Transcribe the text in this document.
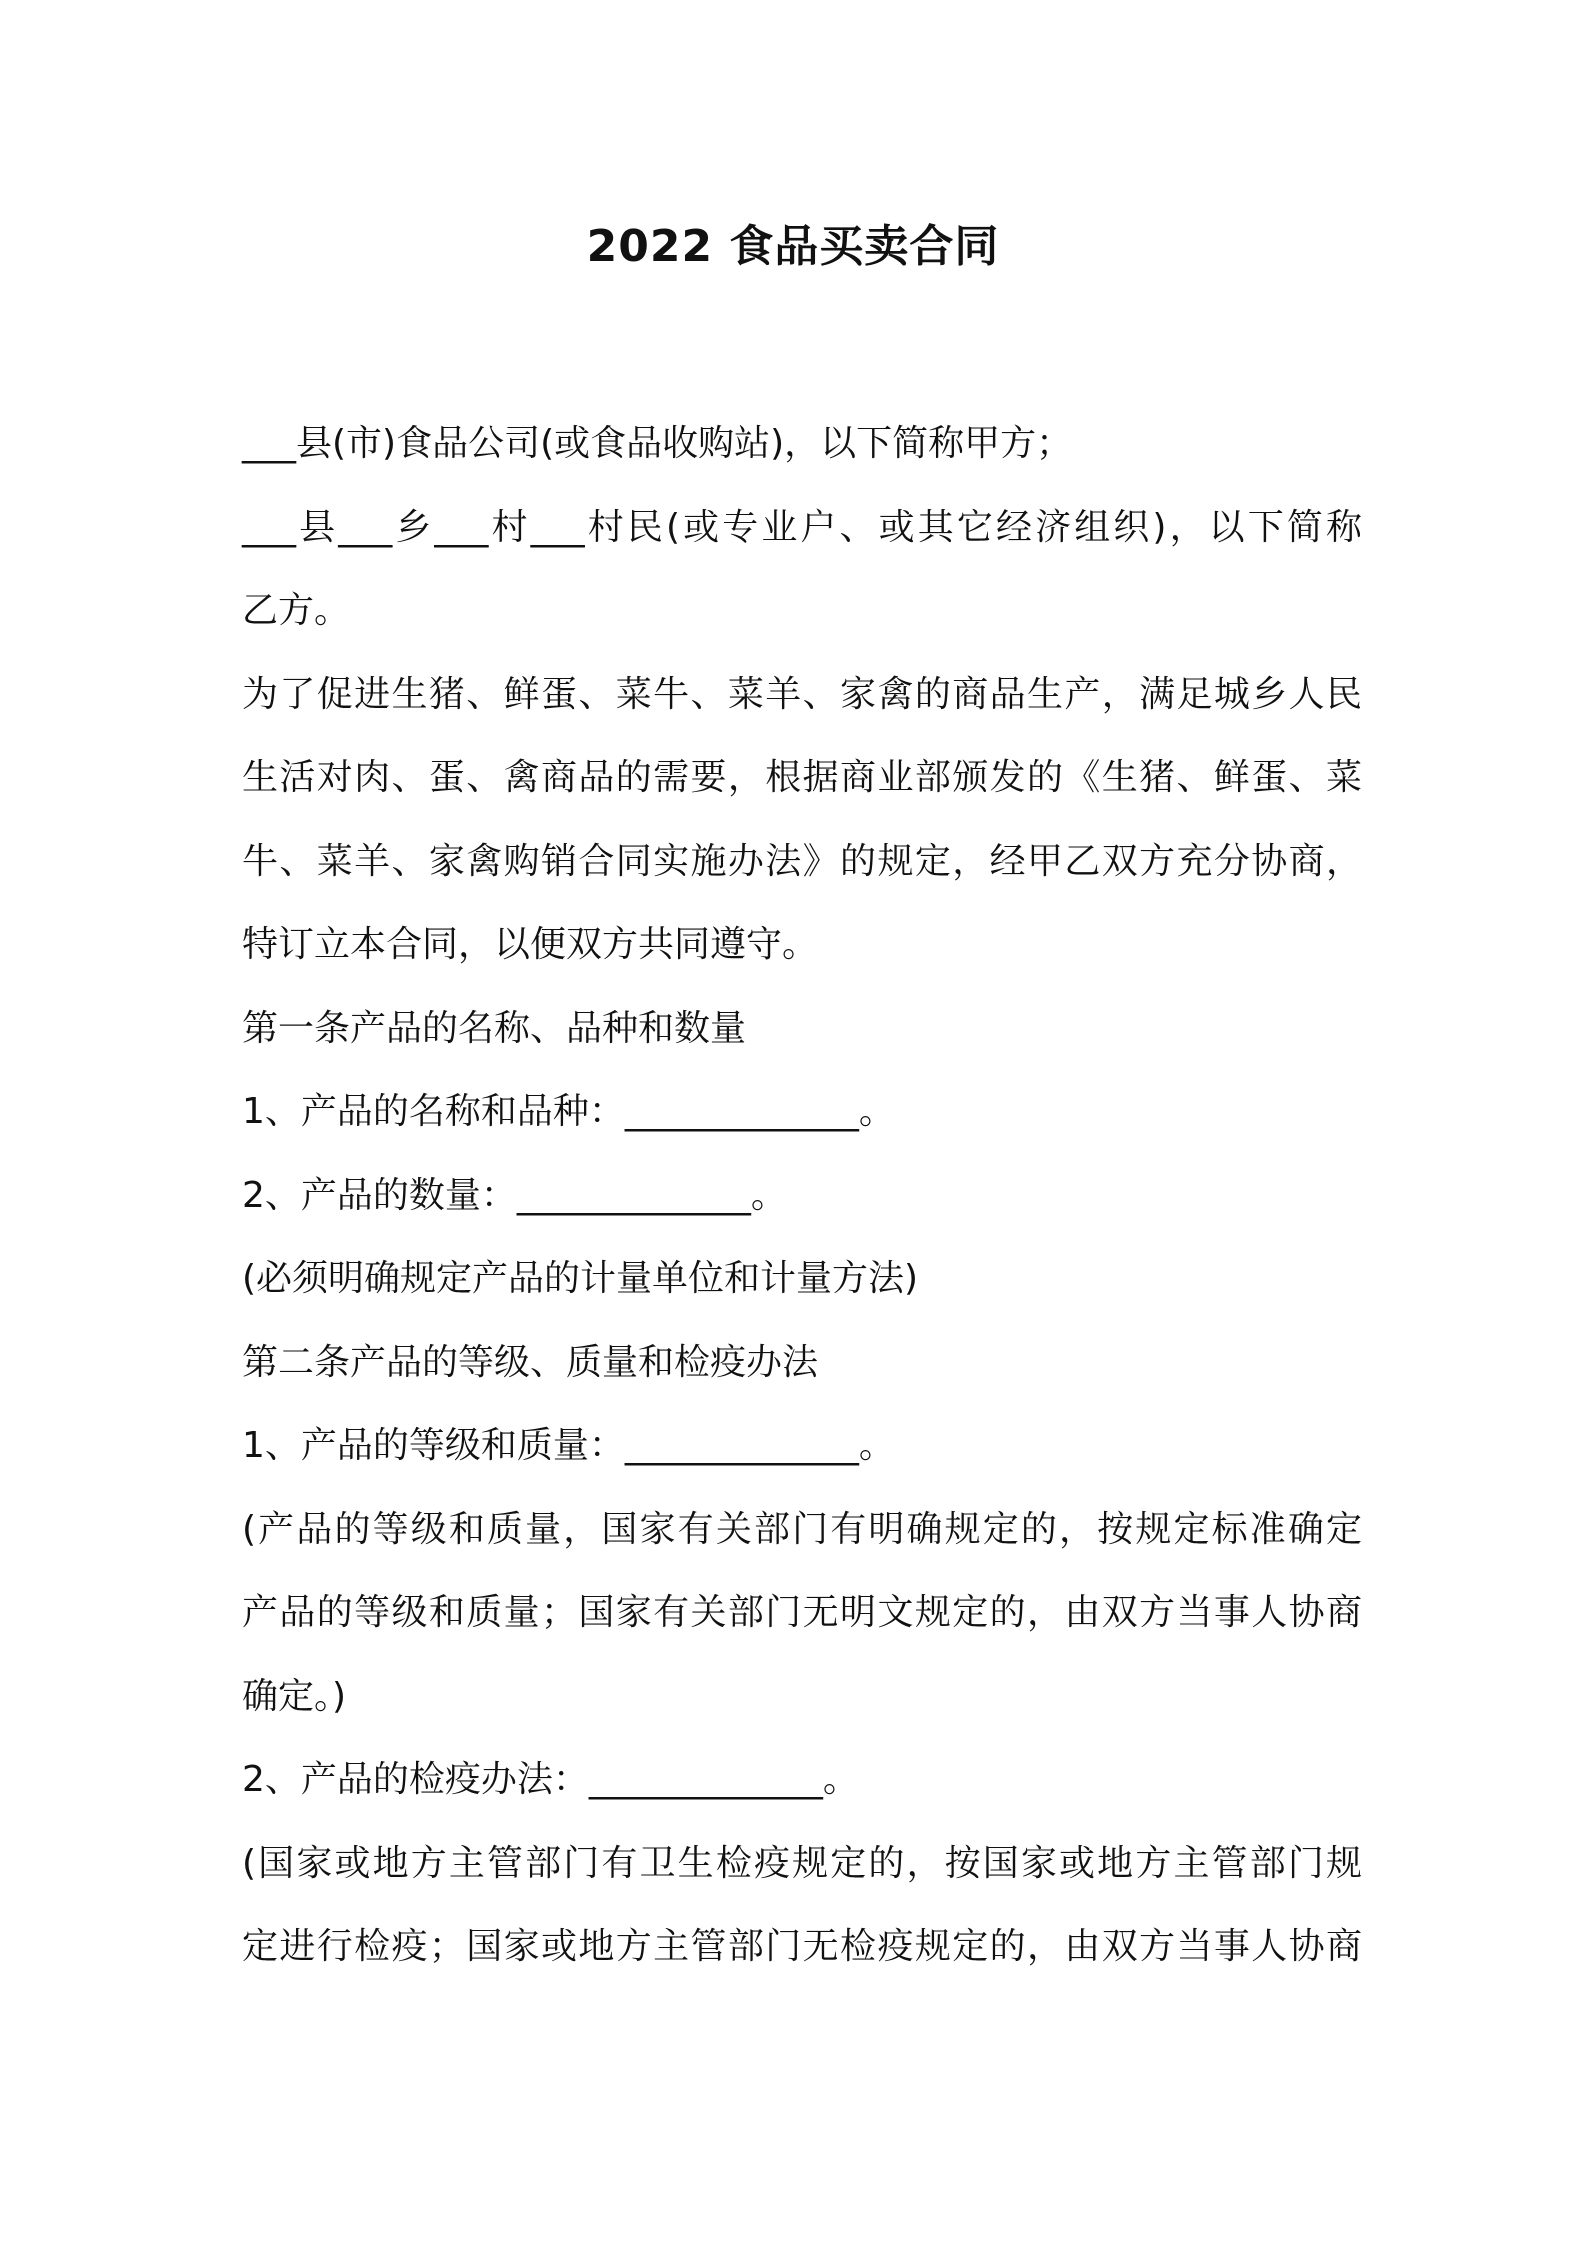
2022 食品买卖合同
___县(市)食品公司(或食品收购站)，以下简称甲方；
___县___乡___村___村民(或专业户、或其它经济组织)，以下简称
乙方。
为了促进生猪、鲜蛋、菜牛、菜羊、家禽的商品生产，满足城乡人民
生活对肉、蛋、禽商品的需要，根据商业部颁发的《生猪、鲜蛋、菜
牛、菜羊、家禽购销合同实施办法》的规定，经甲乙双方充分协商，
特订立本合同，以便双方共同遵守。
第一条产品的名称、品种和数量
1、产品的名称和品种：_____________。
2、产品的数量：_____________。
(必须明确规定产品的计量单位和计量方法)
第二条产品的等级、质量和检疫办法
1、产品的等级和质量：_____________。
(产品的等级和质量，国家有关部门有明确规定的，按规定标准确定
产品的等级和质量；国家有关部门无明文规定的，由双方当事人协商
确定。)
2、产品的检疫办法：_____________。
(国家或地方主管部门有卫生检疫规定的，按国家或地方主管部门规
定进行检疫；国家或地方主管部门无检疫规定的，由双方当事人协商
